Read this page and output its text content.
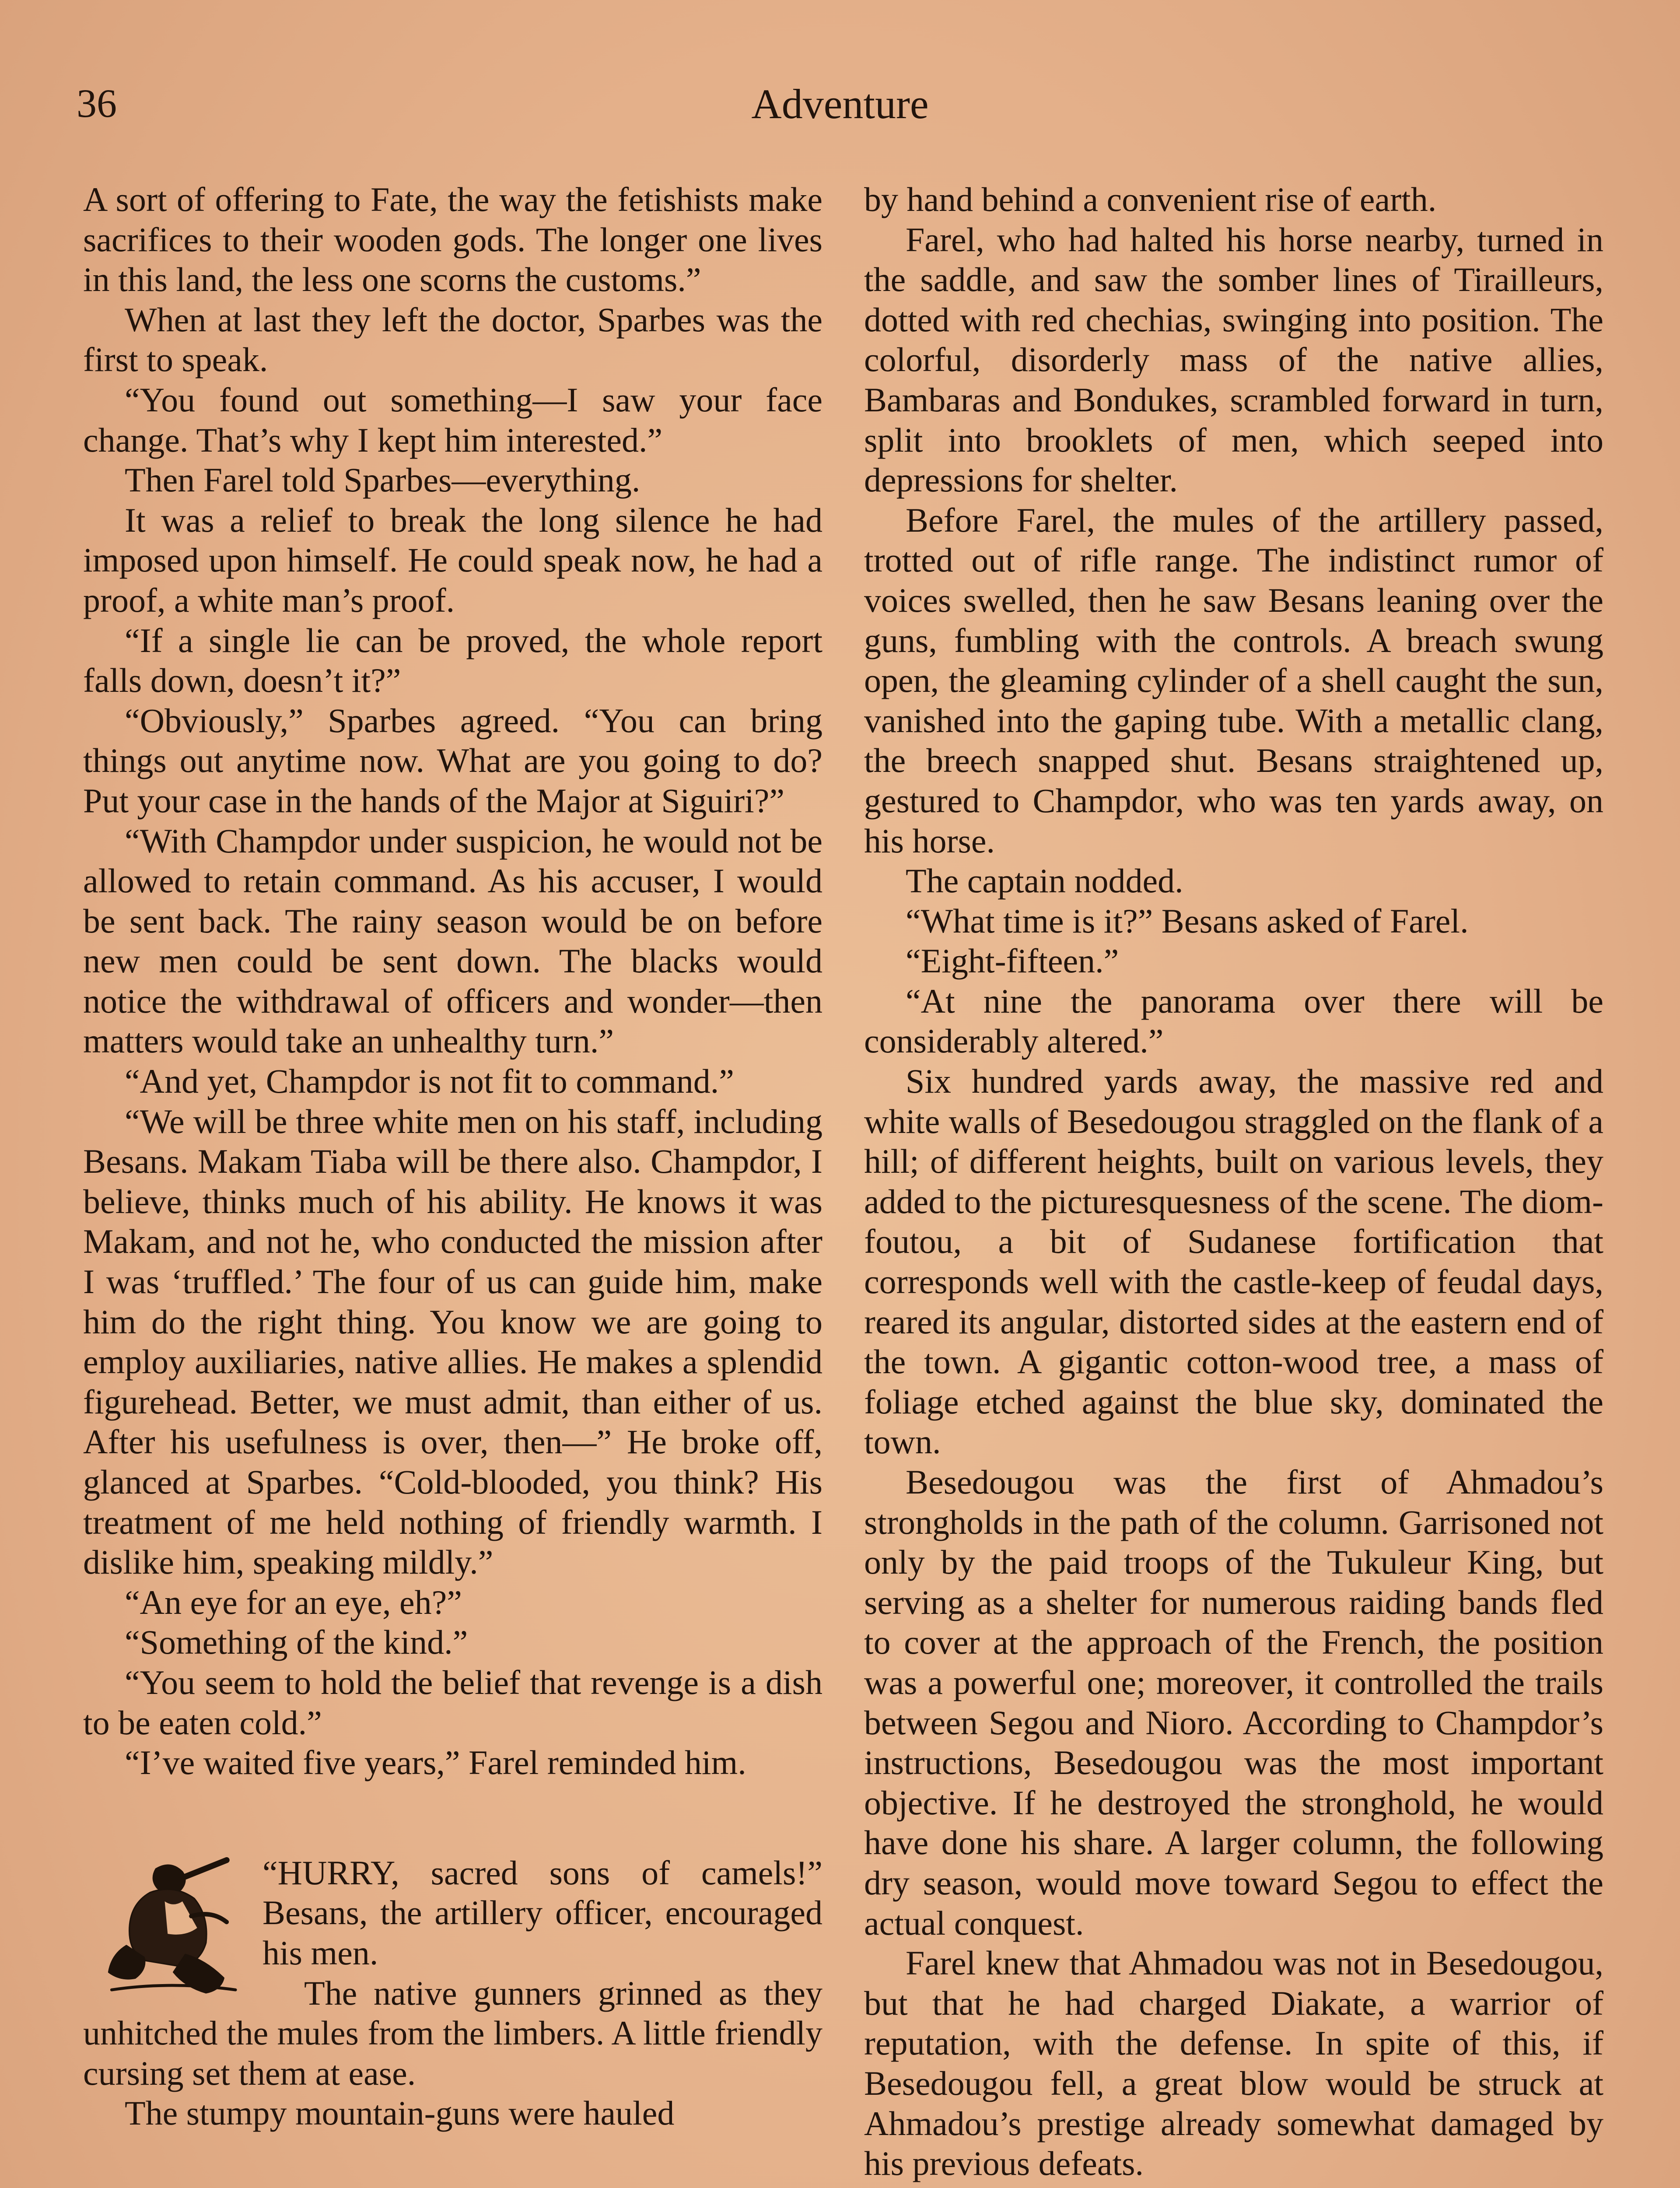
36	Adventure

A sort of offering to Fate, the way the fetishists make sacrifices to their wooden gods. The longer one lives in this land, the less one scorns the customs.”

When at last they left the doctor, Sparbes was the first to speak.

“You found out something—I saw your face change. That’s why I kept him interested.”

Then Farel told Sparbes—everything.

It was a relief to break the long silence he had imposed upon himself. He could speak now, he had a proof, a white man’s proof.

“If a single lie can be proved, the whole report falls down, doesn’t it?”

“Obviously,” Sparbes agreed. “You can bring things out anytime now. What are you going to do? Put your case in the hands of the Major at Siguiri?”

“With Champdor under suspicion, he would not be allowed to retain command. As his accuser, I would be sent back. The rainy season would be on before new men could be sent down. The blacks would notice the withdrawal of officers and wonder—then matters would take an unhealthy turn.”

“And yet, Champdor is not fit to command.”

“We will be three white men on his staff, including Besans. Makam Tiaba will be there also. Champdor, I believe, thinks much of his ability. He knows it was Makam, and not he, who conducted the mission after I was ‘truffled.’ The four of us can guide him, make him do the right thing. You know we are going to employ auxiliaries, native allies. He makes a splendid figurehead. Better, we must admit, than either of us. After his usefulness is over, then—” He broke off, glanced at Sparbes. “Cold-blooded, you think? His treatment of me held nothing of friendly warmth. I dislike him, speaking mildly.”

“An eye for an eye, eh?”

“Something of the kind.”

“You seem to hold the belief that revenge is a dish to be eaten cold.”

“I’ve waited five years,” Farel reminded him.

“HURRY, sacred sons of camels!” Besans, the artillery officer, encouraged his men.

The native gunners grinned as they unhitched the mules from the limbers. A little friendly cursing set them at ease.

The stumpy mountain-guns were hauled

by hand behind a convenient rise of earth.

Farel, who had halted his horse nearby, turned in the saddle, and saw the somber lines of Tirailleurs, dotted with red chechias, swinging into position. The colorful, disorderly mass of the native allies, Bambaras and Bondukes, scrambled forward in turn, split into brooklets of men, which seeped into depressions for shelter.

Before Farel, the mules of the artillery passed, trotted out of rifle range. The indistinct rumor of voices swelled, then he saw Besans leaning over the guns, fumbling with the controls. A breach swung open, the gleaming cylinder of a shell caught the sun, vanished into the gaping tube. With a metallic clang, the breech snapped shut. Besans straightened up, gestured to Champdor, who was ten yards away, on his horse.

The captain nodded.

“What time is it?” Besans asked of Farel.

“Eight-fifteen.”

“At nine the panorama over there will be considerably altered.”

Six hundred yards away, the massive red and white walls of Besedougou straggled on the flank of a hill; of different heights, built on various levels, they added to the picturesquesness of the scene. The diomfoutou, a bit of Sudanese fortification that corresponds well with the castle-keep of feudal days, reared its angular, distorted sides at the eastern end of the town. A gigantic cotton-wood tree, a mass of foliage etched against the blue sky, dominated the town.

Besedougou was the first of Ahmadou’s strongholds in the path of the column. Garrisoned not only by the paid troops of the Tukuleur King, but serving as a shelter for numerous raiding bands fled to cover at the approach of the French, the position was a powerful one; moreover, it controlled the trails between Segou and Nioro. According to Champdor’s instructions, Besedougou was the most important objective. If he destroyed the stronghold, he would have done his share. A larger column, the following dry season, would move toward Segou to effect the actual conquest.

Farel knew that Ahmadou was not in Besedougou, but that he had charged Diakate, a warrior of reputation, with the defense. In spite of this, if Besedougou fell, a great blow would be struck at Ahmadou’s prestige already somewhat damaged by his previous defeats.
